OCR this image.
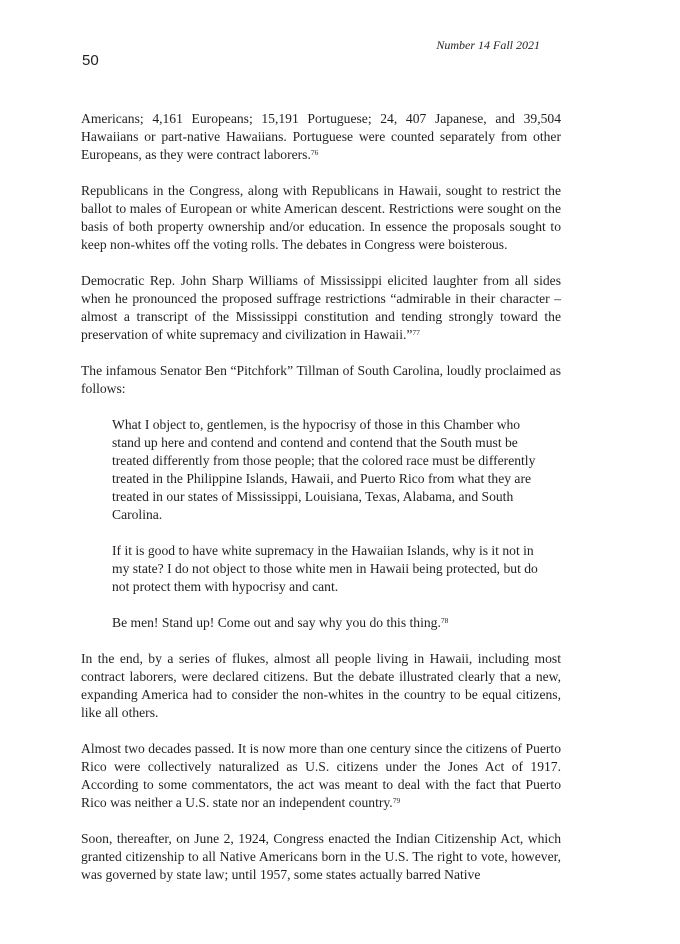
Number 14 Fall 2021
50

Americans; 4,161 Europeans; 15,191 Portuguese; 24, 407 Japanese, and 39,504 Hawaiians or part-native Hawaiians. Portuguese were counted separately from other Europeans, as they were contract laborers.$^{76}$

Republicans in the Congress, along with Republicans in Hawaii, sought to restrict the ballot to males of European or white American descent. Restrictions were sought on the basis of both property ownership and/or education. In essence the proposals sought to keep non-whites off the voting rolls. The debates in Congress were boisterous.

Democratic Rep. John Sharp Williams of Mississippi elicited laughter from all sides when he pronounced the proposed suffrage restrictions “admirable in their character – almost a transcript of the Mississippi constitution and tending strongly toward the preservation of white supremacy and civilization in Hawaii.”$^{77}$

The infamous Senator Ben “Pitchfork” Tillman of South Carolina, loudly proclaimed as follows:

What I object to, gentlemen, is the hypocrisy of those in this Chamber who stand up here and contend and contend and contend that the South must be treated differently from those people; that the colored race must be differently treated in the Philippine Islands, Hawaii, and Puerto Rico from what they are treated in our states of Mississippi, Louisiana, Texas, Alabama, and South Carolina.

If it is good to have white supremacy in the Hawaiian Islands, why is it not in my state? I do not object to those white men in Hawaii being protected, but do not protect them with hypocrisy and cant.

Be men! Stand up! Come out and say why you do this thing.$^{78}$

In the end, by a series of flukes, almost all people living in Hawaii, including most contract laborers, were declared citizens. But the debate illustrated clearly that a new, expanding America had to consider the non-whites in the country to be equal citizens, like all others.

Almost two decades passed. It is now more than one century since the citizens of Puerto Rico were collectively naturalized as U.S. citizens under the Jones Act of 1917. According to some commentators, the act was meant to deal with the fact that Puerto Rico was neither a U.S. state nor an independent country.$^{79}$

Soon, thereafter, on June 2, 1924, Congress enacted the Indian Citizenship Act, which granted citizenship to all Native Americans born in the U.S. The right to vote, however, was governed by state law; until 1957, some states actually barred Native
